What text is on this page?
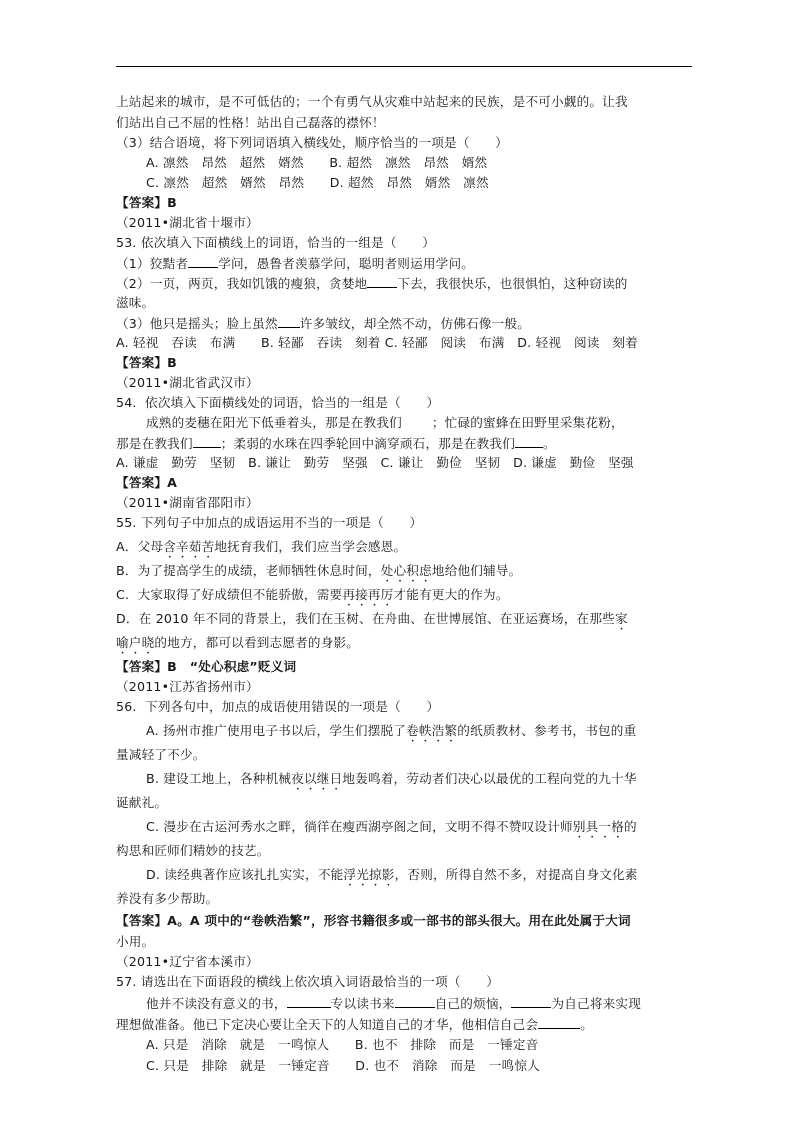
上站起来的城市，是不可低估的；一个有勇气从灾难中站起来的民族，是不可小觑的。让我
们站出自己不屈的性格！站出自己磊落的襟怀！
（3）结合语境，将下列词语填入横线处，顺序恰当的一项是（　　）
A. 凛然　昂然　超然　婿然　　B. 超然　凛然　昂然　婿然
C. 凛然　超然　婿然　昂然　　D. 超然　昂然　婿然　凛然
【答案】B
（2011•湖北省十堰市）
53. 依次填入下面横线上的词语，恰当的一组是（　　）
（1）狡黠者 学问，愚鲁者羡慕学问，聪明者则运用学问。
（2）一页，两页，我如饥饿的瘦狼，贪婪地 下去，我很快乐，也很惧怕，这种窃读的
滋味。
（3）他只是摇头；脸上虽然 许多皱纹，却全然不动，仿佛石像一般。
A. 轻视　吞读　布满　　B. 轻鄙　吞读　刻着 C. 轻鄙　阅读　布满　D. 轻视　阅读　刻着
【答案】B
（2011•湖北省武汉市）
54.  依次填入下面横线处的词语，恰当的一组是（　　）
成熟的麦穗在阳光下低垂着头，那是在教我们 ；忙碌的蜜蜂在田野里采集花粉，
那是在教我们 ；柔弱的水珠在四季轮回中滴穿顽石，那是在教我们 。
A. 谦虚　勤劳　坚韧　B. 谦让　勤劳　坚强　C. 谦让　勤俭　坚韧　D. 谦虚　勤俭　坚强
【答案】A
（2011•湖南省邵阳市）
55. 下列句子中加点的成语运用不当的一项是（　　）
A．父母含辛茹苦地抚育我们，我们应当学会感恩。
B．为了提高学生的成绩，老师牺牲休息时间，处心积虑地给他们辅导。
C.  大家取得了好成绩但不能骄傲，需要再接再厉才能有更大的作为。
D．在 2010 年不同的背景上，我们在玉树、在舟曲、在世博展馆、在亚运赛场，在那些家
喻户晓的地方，都可以看到志愿者的身影。
【答案】B　“处心积虑”贬义词
（2011•江苏省扬州市）
56.  下列各句中，加点的成语使用错误的一项是（　　）
A. 扬州市推广使用电子书以后，学生们摆脱了卷帙浩繁的纸质教材、参考书，书包的重
量减轻了不少。
B. 建设工地上，各种机械夜以继日地轰鸣着，劳动者们决心以最优的工程向党的九十华
诞献礼。
C. 漫步在古运河秀水之畔，徜徉在瘦西湖亭阁之间，文明不得不赞叹设计师别具一格的
构思和匠师们精妙的技艺。
D. 读经典著作应该扎扎实实，不能浮光掠影，否则，所得自然不多，对提高自身文化素
养没有多少帮助。
【答案】A。A 项中的“卷帙浩繁”，形容书籍很多或一部书的部头很大。用在此处属于大词
小用。
（2011•辽宁省本溪市）
57. 请选出在下面语段的横线上依次填入词语最恰当的一项（　　）
他并不读没有意义的书，	专以读书来	自己的烦恼，	为自己将来实现
理想做准备。他已下定决心要让全天下的人知道自己的才华，他相信自己会	。
A. 只是　消除　就是　一鸣惊人　　B. 也不　排除　而是　一锤定音
C. 只是　排除　就是　一锤定音　　D. 也不　消除　而是　一鸣惊人
